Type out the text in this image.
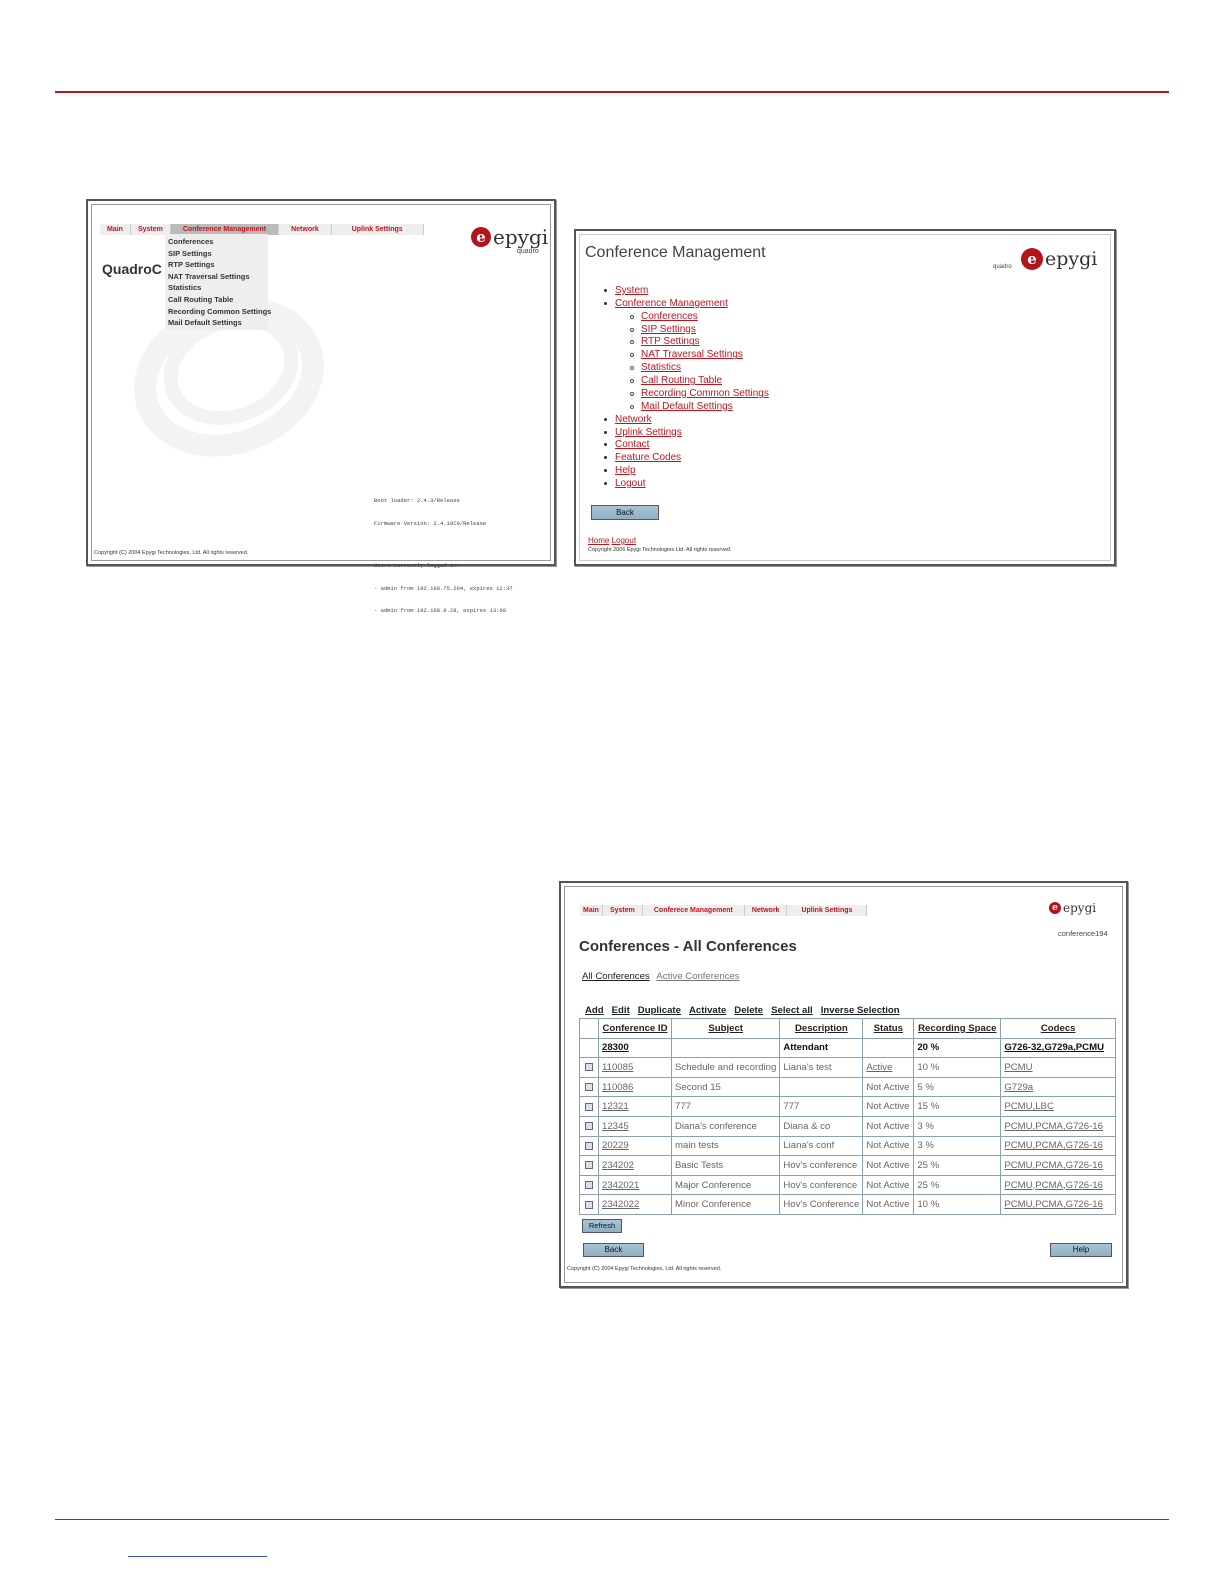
Main	System	Conference Management	Network	Uplink Settings
Conferences
SIP Settings
RTP Settings
NAT Traversal Settings
Statistics
Call Routing Table
Recording Common Settings
Mail Default Settings
QuadroC
e epygi
quadro

Boot loader: 2.4.3/Release

Firmware Version: 2.4.10C9/Release

Users currently logged in:

- admin from 192.168.75.204, expires 12:37

- admin from 192.168.0.28, expires 13:00

Copyright (C) 2004 Epygi Technologies, Ltd. All rights reserved.
Conference Management	e epygi
quadro
System
Conference Management
Conferences
SIP Settings
RTP Settings
NAT Traversal Settings
Statistics
Call Routing Table
Recording Common Settings
Mail Default Settings
Network
Uplink Settings
Contact
Feature Codes
Help
Logout
Back
Home Logout
Copyright 2006 Epygi Technologies Ltd. All rights reserved.
Main	System	Conferece Management	Network	Uplink Settings	e epygi
conference194
Conferences - All Conferences
All Conferences Active Conferences
Add Edit Duplicate Activate Delete Select all Inverse Selection
	Conference ID	Subject	Description	Status	Recording Space	Codecs
	28300		Attendant		20 %	G726-32,G729a,PCMU
	110085	Schedule and recording	Liana's test	Active	10 %	PCMU
	110086	Second 15		Not Active	5 %	G729a
	12321	777	777	Not Active	15 %	PCMU,LBC
	12345	Diana's conference	Diana & co	Not Active	3 %	PCMU,PCMA,G726-16
	20229	main tests	Liana's conf	Not Active	3 %	PCMU,PCMA,G726-16
	234202	Basic Tests	Hov's conference	Not Active	25 %	PCMU,PCMA,G726-16
	2342021	Major Conference	Hov's conference	Not Active	25 %	PCMU,PCMA,G726-16
	2342022	Minor Conference	Hov's Conference	Not Active	10 %	PCMU,PCMA,G726-16
Refresh
Back	Help
Copyright (C) 2004 Epygi Technologies, Ltd. All rights reserved.
